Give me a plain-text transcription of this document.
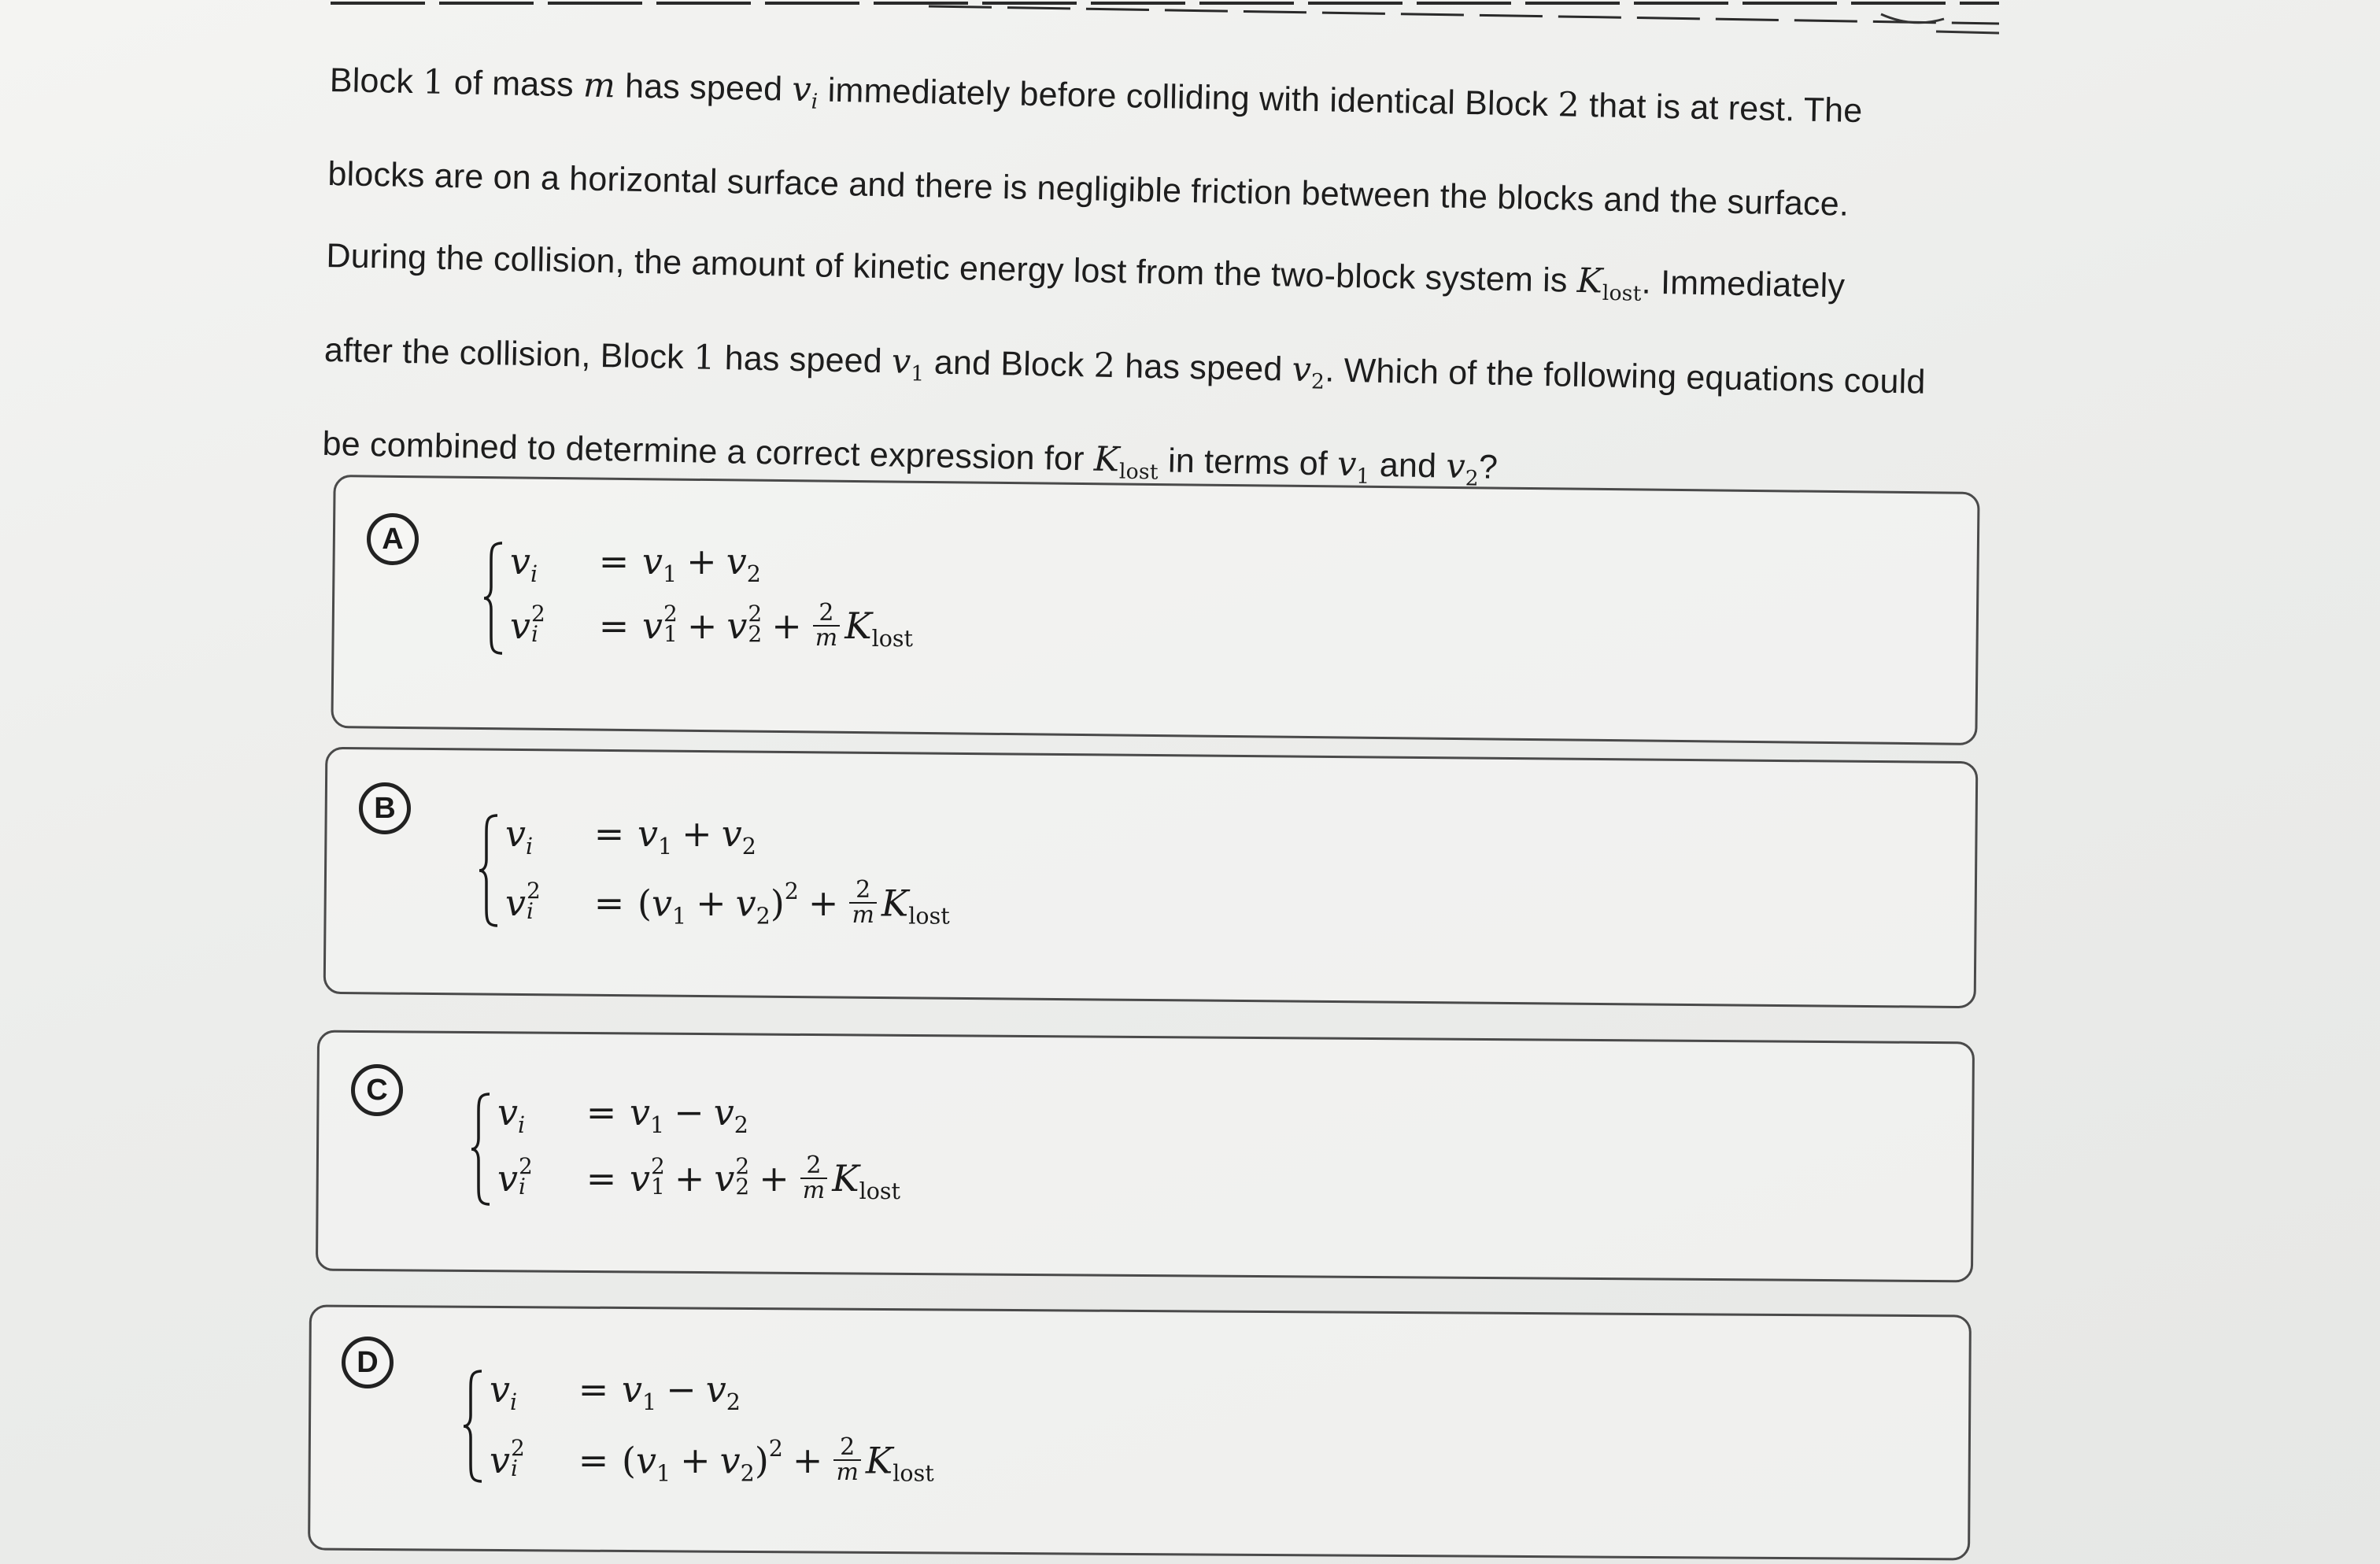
Block 1 of mass m has speed $v_i$ immediately before colliding with identical Block 2 that is at rest. The

blocks are on a horizontal surface and there is negligible friction between the blocks and the surface.

During the collision, the amount of kinetic energy lost from the two-block system is $K_{lost}$. Immediately

after the collision, Block 1 has speed $v_1$ and Block 2 has speed $v_2$. Which of the following equations could

be combined to determine a correct expression for $K_{lost}$ in terms of $v_1$ and $v_2$?

A
$v_i = v_1 + v_2$
v 2
i = v 2
1 + v 2
$2 + \frac{2}{m} K_{lost}$
B
$v_i = v_1 + v_2$
v 2
$i = (v_1 + v_2)^2 + \frac{2}{m} K_{lost}$
C
$v_i = v_1 - v_2$
v 2
i = v 2
1 + v 2
$2 + \frac{2}{m} K_{lost}$
D
$v_i = v_1 - v_2$
v 2
$i = (v_1 + v_2)^2 + \frac{2}{m} K_{lost}$
